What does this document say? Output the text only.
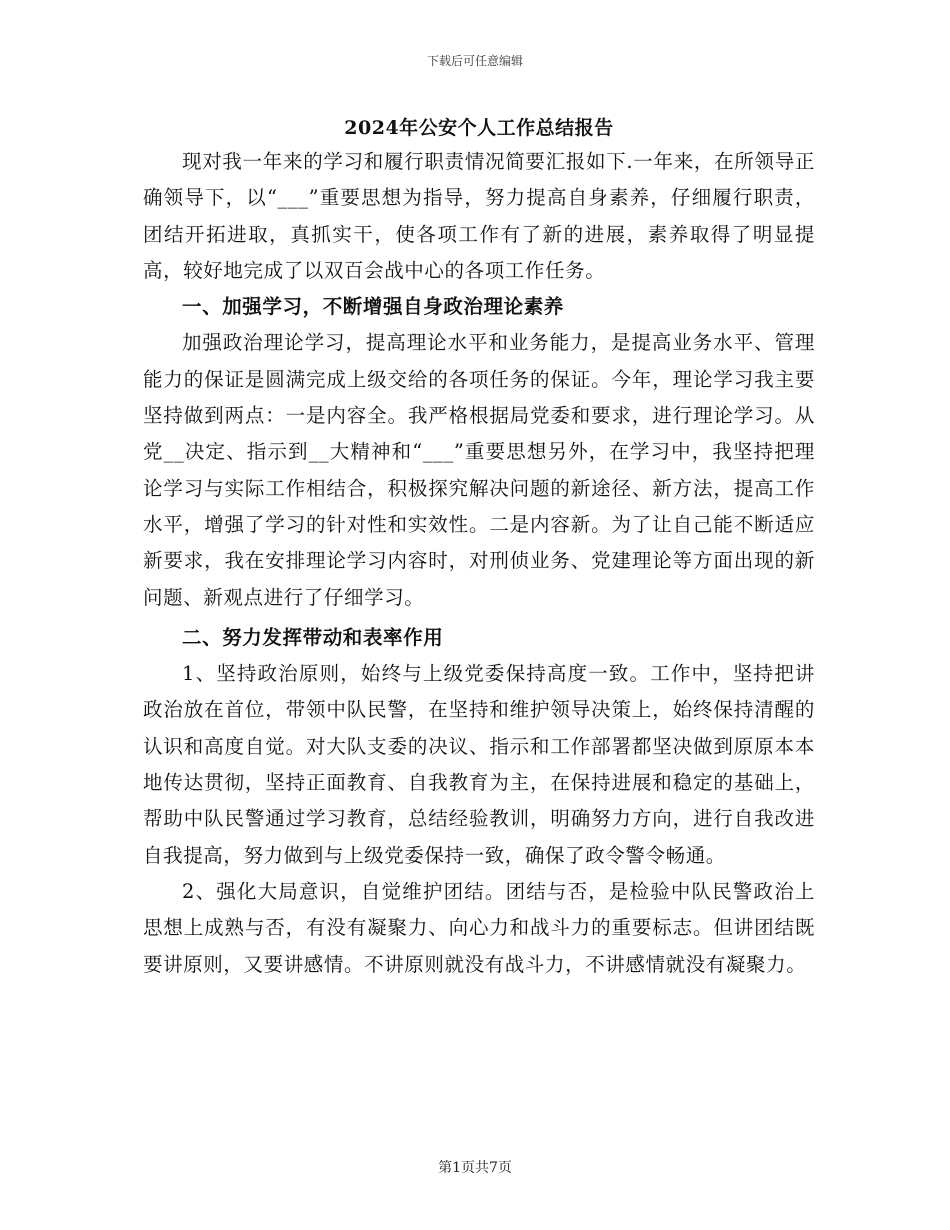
下载后可任意编辑
2024年公安个人工作总结报告

现对我一年来的学习和履行职责情况简要汇报如下.一年来，在所领导正确领导下，以“___”重要思想为指导，努力提高自身素养，仔细履行职责，团结开拓进取，真抓实干，使各项工作有了新的进展，素养取得了明显提高，较好地完成了以双百会战中心的各项工作任务。

一、加强学习，不断增强自身政治理论素养

加强政治理论学习，提高理论水平和业务能力，是提高业务水平、管理能力的保证是圆满完成上级交给的各项任务的保证。今年，理论学习我主要坚持做到两点：一是内容全。我严格根据局党委和要求，进行理论学习。从党__决定、指示到__大精神和“___”重要思想另外，在学习中，我坚持把理论学习与实际工作相结合，积极探究解决问题的新途径、新方法，提高工作水平，增强了学习的针对性和实效性。二是内容新。为了让自己能不断适应新要求，我在安排理论学习内容时，对刑侦业务、党建理论等方面出现的新问题、新观点进行了仔细学习。

二、努力发挥带动和表率作用

1、坚持政治原则，始终与上级党委保持高度一致。工作中，坚持把讲政治放在首位，带领中队民警，在坚持和维护领导决策上，始终保持清醒的认识和高度自觉。对大队支委的决议、指示和工作部署都坚决做到原原本本地传达贯彻，坚持正面教育、自我教育为主，在保持进展和稳定的基础上，帮助中队民警通过学习教育，总结经验教训，明确努力方向，进行自我改进自我提高，努力做到与上级党委保持一致，确保了政令警令畅通。

2、强化大局意识，自觉维护团结。团结与否，是检验中队民警政治上思想上成熟与否，有没有凝聚力、向心力和战斗力的重要标志。但讲团结既要讲原则，又要讲感情。不讲原则就没有战斗力，不讲感情就没有凝聚力。

第1页共7页
